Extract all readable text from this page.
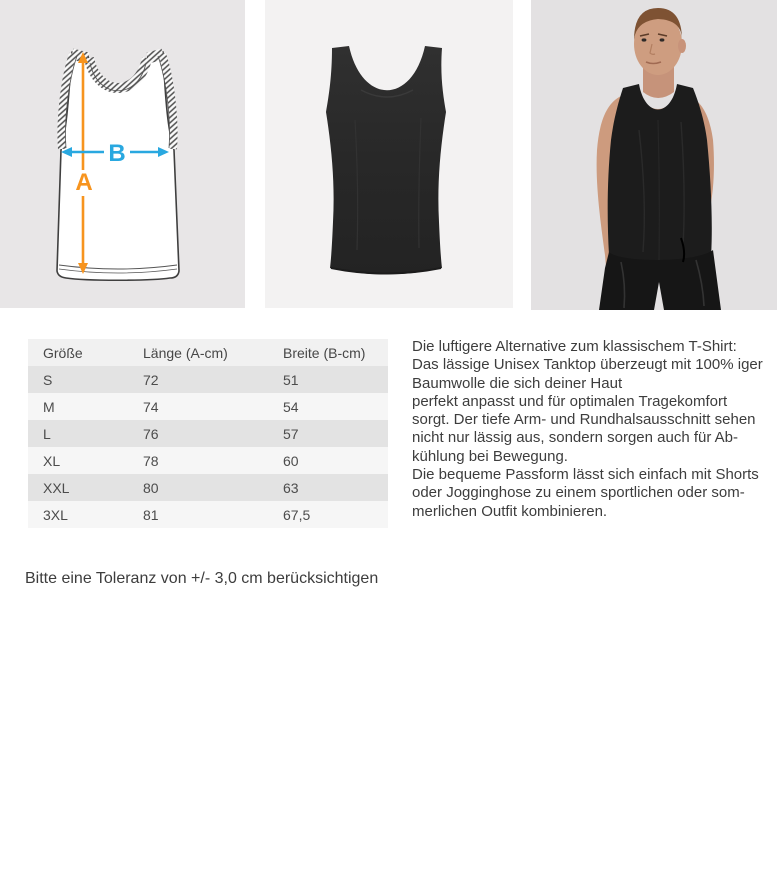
A
B
Größe	Länge (A-cm)	Breite (B-cm)
S	72	51
M	74	54
L	76	57
XL	78	60
XXL	80	63
3XL	81	67,5
Die luftigere Alternative zum klassischem T-Shirt:
Das lässige Unisex Tanktop überzeugt mit 100% iger
Baumwolle die sich deiner Haut
perfekt anpasst und für optimalen Tragekomfort
sorgt. Der tiefe Arm- und Rundhalsausschnitt sehen
nicht nur lässig aus, sondern sorgen auch für Ab-
kühlung bei Bewegung.
Die bequeme Passform lässt sich einfach mit Shorts
oder Jogginghose zu einem sportlichen oder som-
merlichen Outfit kombinieren.
Bitte eine Toleranz von +/- 3,0 cm berücksichtigen
